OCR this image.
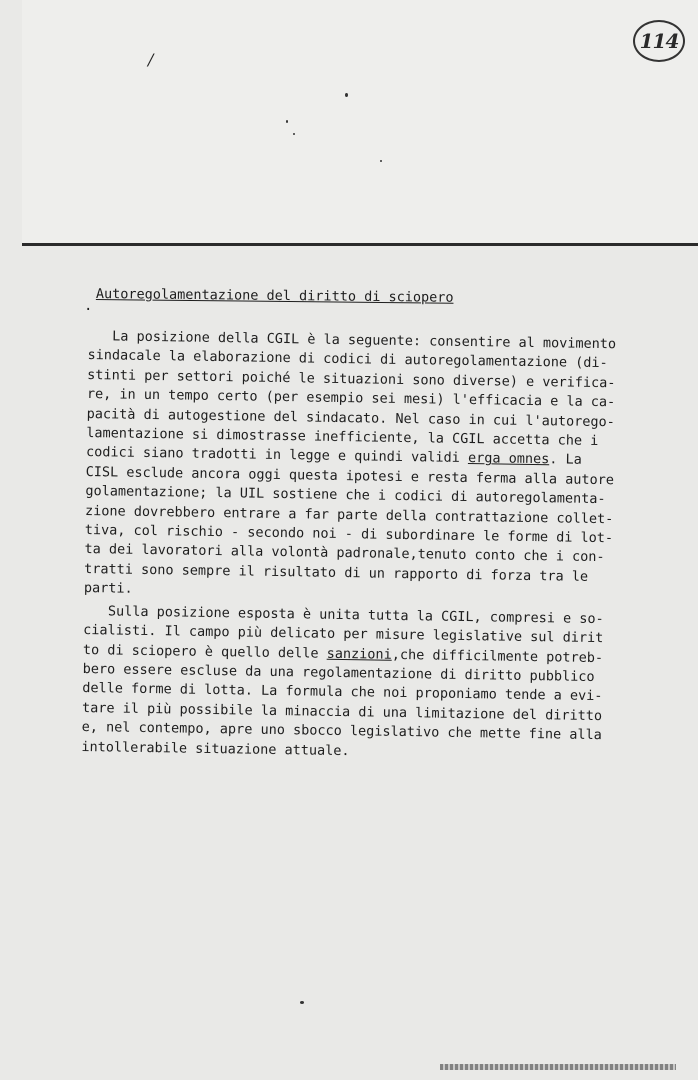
114
/
.
Autoregolamentazione del diritto di sciopero
La posizione della CGIL è la seguente: consentire al movimento
sindacale la elaborazione di codici di autoregolamentazione (di-
stinti per settori poiché le situazioni sono diverse) e verifica-
re, in un tempo certo (per esempio sei mesi) l'efficacia e la ca-
pacità di autogestione del sindacato. Nel caso in cui l'autorego-
lamentazione si dimostrasse inefficiente, la CGIL accetta che i
codici siano tradotti in legge e quindi validi erga omnes. La
CISL esclude ancora oggi questa ipotesi e resta ferma alla autore
golamentazione; la UIL sostiene che i codici di autoregolamenta-
zione dovrebbero entrare a far parte della contrattazione collet-
tiva, col rischio - secondo noi - di subordinare le forme di lot-
ta dei lavoratori alla volontà padronale,tenuto conto che i con-
tratti sono sempre il risultato di un rapporto di forza tra le
parti.
Sulla posizione esposta è unita tutta la CGIL, compresi e so-
cialisti. Il campo più delicato per misure legislative sul dirit
to di sciopero è quello delle sanzioni,che difficilmente potreb-
bero essere escluse da una regolamentazione di diritto pubblico
delle forme di lotta. La formula che noi proponiamo tende a evi-
tare il più possibile la minaccia di una limitazione del diritto
e, nel contempo, apre uno sbocco legislativo che mette fine alla
intollerabile situazione attuale.
